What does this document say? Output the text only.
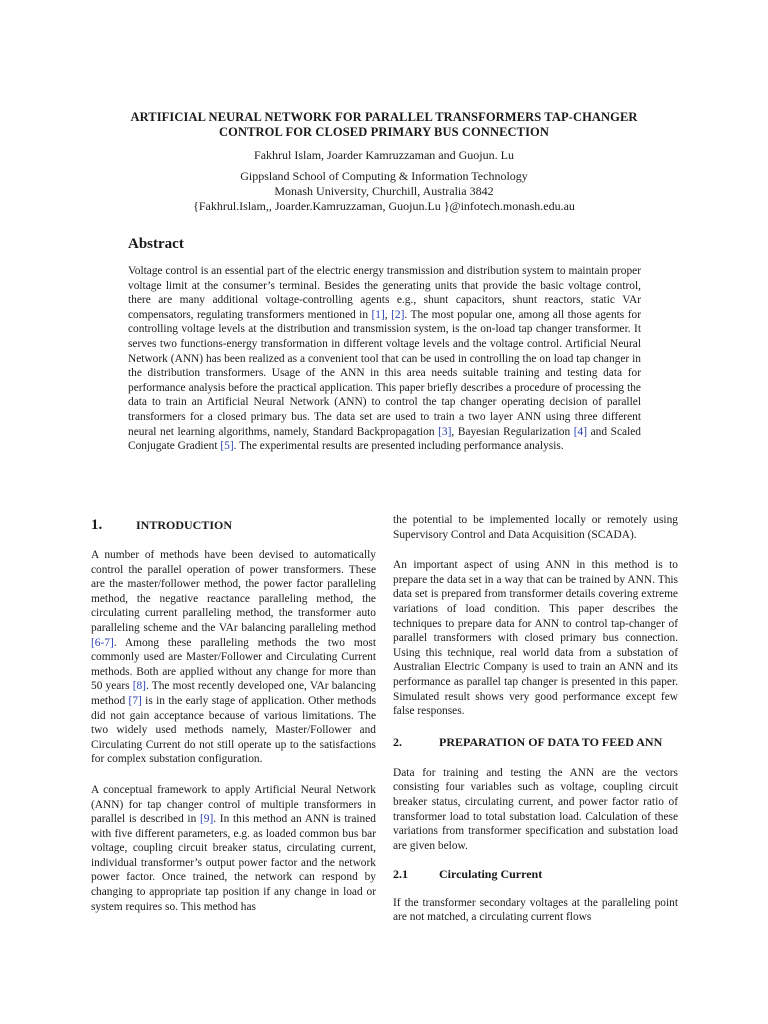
ARTIFICIAL NEURAL NETWORK FOR PARALLEL TRANSFORMERS TAP-CHANGER
CONTROL FOR CLOSED PRIMARY BUS CONNECTION
Fakhrul Islam, Joarder Kamruzzaman and Guojun. Lu
Gippsland School of Computing & Information Technology
Monash University, Churchill, Australia 3842
{Fakhrul.Islam,, Joarder.Kamruzzaman, Guojun.Lu }@infotech.monash.edu.au
Abstract

Voltage control is an essential part of the electric energy transmission and distribution system to maintain proper voltage limit at the consumer’s terminal. Besides the generating units that provide the basic voltage control, there are many additional voltage-controlling agents e.g., shunt capacitors, shunt reactors, static VAr compensators, regulating transformers mentioned in [1], [2]. The most popular one, among all those agents for controlling voltage levels at the distribution and transmission system, is the on-load tap changer transformer. It serves two functions-energy transformation in different voltage levels and the voltage control. Artificial Neural Network (ANN) has been realized as a convenient tool that can be used in controlling the on load tap changer in the distribution transformers. Usage of the ANN in this area needs suitable training and testing data for performance analysis before the practical application. This paper briefly describes a procedure of processing the data to train an Artificial Neural Network (ANN) to control the tap changer operating decision of parallel transformers for a closed primary bus. The data set are used to train a two layer ANN using three different neural net learning algorithms, namely, Standard Backpropagation [3], Bayesian Regularization [4] and Scaled Conjugate Gradient [5]. The experimental results are presented including performance analysis.

1.	INTRODUCTION

A number of methods have been devised to automatically control the parallel operation of power transformers. These are the master/follower method, the power factor paralleling method, the negative reactance paralleling method, the circulating current paralleling method, the transformer auto paralleling scheme and the VAr balancing paralleling method [6-7]. Among these paralleling methods the two most commonly used are Master/Follower and Circulating Current methods. Both are applied without any change for more than 50 years [8]. The most recently developed one, VAr balancing method [7] is in the early stage of application. Other methods did not gain acceptance because of various limitations. The two widely used methods namely, Master/Follower and Circulating Current do not still operate up to the satisfactions for complex substation configuration.

A conceptual framework to apply Artificial Neural Network (ANN) for tap changer control of multiple transformers in parallel is described in [9]. In this method an ANN is trained with five different parameters, e.g. as loaded common bus bar voltage, coupling circuit breaker status, circulating current, individual transformer’s output power factor and the network power factor. Once trained, the network can respond by changing to appropriate tap position if any change in load or system requires so. This method has

the potential to be implemented locally or remotely using Supervisory Control and Data Acquisition (SCADA).

An important aspect of using ANN in this method is to prepare the data set in a way that can be trained by ANN. This data set is prepared from transformer details covering extreme variations of load condition. This paper describes the techniques to prepare data for ANN to control tap-changer of parallel transformers with closed primary bus connection. Using this technique, real world data from a substation of Australian Electric Company is used to train an ANN and its performance as parallel tap changer is presented in this paper. Simulated result shows very good performance except few false responses.

2.	PREPARATION OF DATA TO FEED ANN

Data for training and testing the ANN are the vectors consisting four variables such as voltage, coupling circuit breaker status, circulating current, and power factor ratio of transformer load to total substation load. Calculation of these variations from transformer specification and substation load are given below.

2.1	Circulating Current

If the transformer secondary voltages at the paralleling point are not matched, a circulating current flows
